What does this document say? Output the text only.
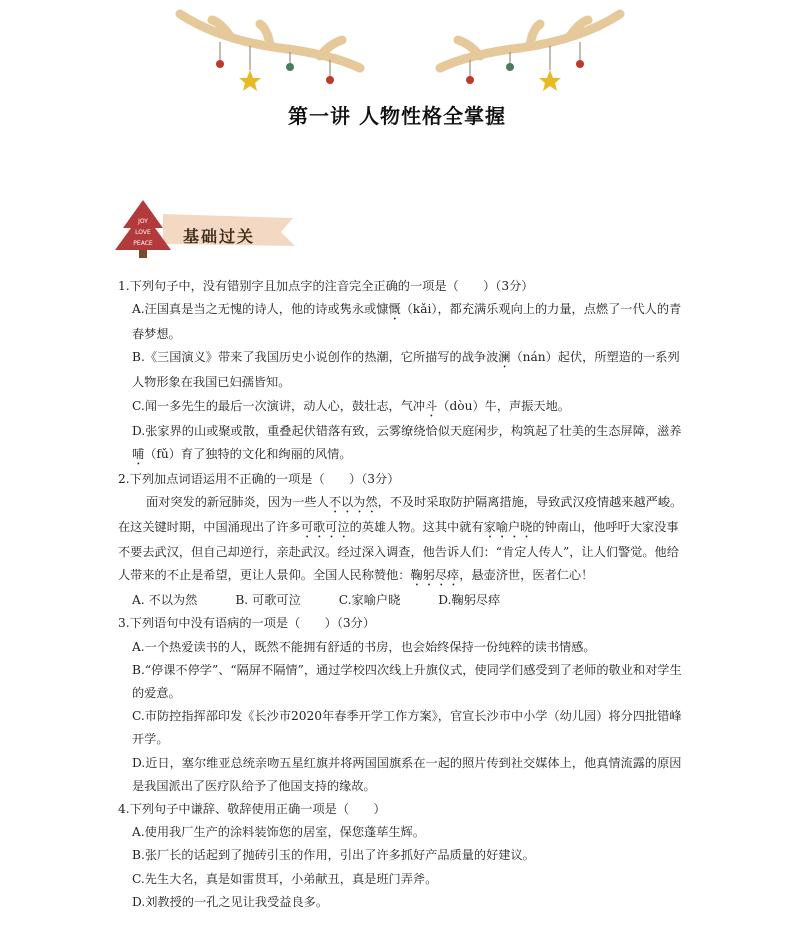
第一讲 人物性格全掌握
JOY
LOVE
PEACE 基础过关

1.下列句子中，没有错别字且加点字的注音完全正确的一项是（　　）（3分）

A.汪国真是当之无愧的诗人，他的诗或隽永或慷慨（kǎi），都充满乐观向上的力量，点燃了一代人的青春梦想。

B.《三国演义》带来了我国历史小说创作的热潮，它所描写的战争波澜（nán）起伏，所塑造的一系列人物形象在我国已妇孺皆知。

C.闻一多先生的最后一次演讲，动人心，鼓壮志，气冲斗（dòu）牛，声振天地。

D.张家界的山或聚或散，重叠起伏错落有致，云雾缭绕恰似天庭闲步，构筑起了壮美的生态屏障，滋养哺（fǔ）育了独特的文化和绚丽的风情。

2.下列加点词语运用不正确的一项是（　　）（3分）

面对突发的新冠肺炎，因为一些人不以为然，不及时采取防护隔离措施，导致武汉疫情越来越严峻。在这关键时期，中国涌现出了许多可歌可泣的英雄人物。这其中就有家喻户晓的钟南山，他呼吁大家没事不要去武汉，但自己却逆行，亲赴武汉。经过深入调查，他告诉人们：“肯定人传人”，让人们警觉。他给人带来的不止是希望，更让人景仰。全国人民称赞他：鞠躬尽瘁，悬壶济世，医者仁心！

A. 不以为然	B. 可歌可泣	C.家喻户晓	D.鞠躬尽瘁

3.下列语句中没有语病的一项是（　　）（3分）

A.一个热爱读书的人，既然不能拥有舒适的书房，也会始终保持一份纯粹的读书情感。

B.“停课不停学”、“隔屏不隔情”，通过学校四次线上升旗仪式，使同学们感受到了老师的敬业和对学生的爱意。

C.市防控指挥部印发《长沙市2020年春季开学工作方案》，官宣长沙市中小学（幼儿园）将分四批错峰开学。

D.近日，塞尔维亚总统亲吻五星红旗并将两国国旗系在一起的照片传到社交媒体上，他真情流露的原因是我国派出了医疗队给予了他国支持的缘故。

4.下列句子中谦辞、敬辞使用正确一项是（　　）

A.使用我厂生产的涂料装饰您的居室，保您蓬荜生辉。

B.张厂长的话起到了抛砖引玉的作用，引出了许多抓好产品质量的好建议。

C.先生大名，真是如雷贯耳，小弟献丑，真是班门弄斧。

D.刘教授的一孔之见让我受益良多。
